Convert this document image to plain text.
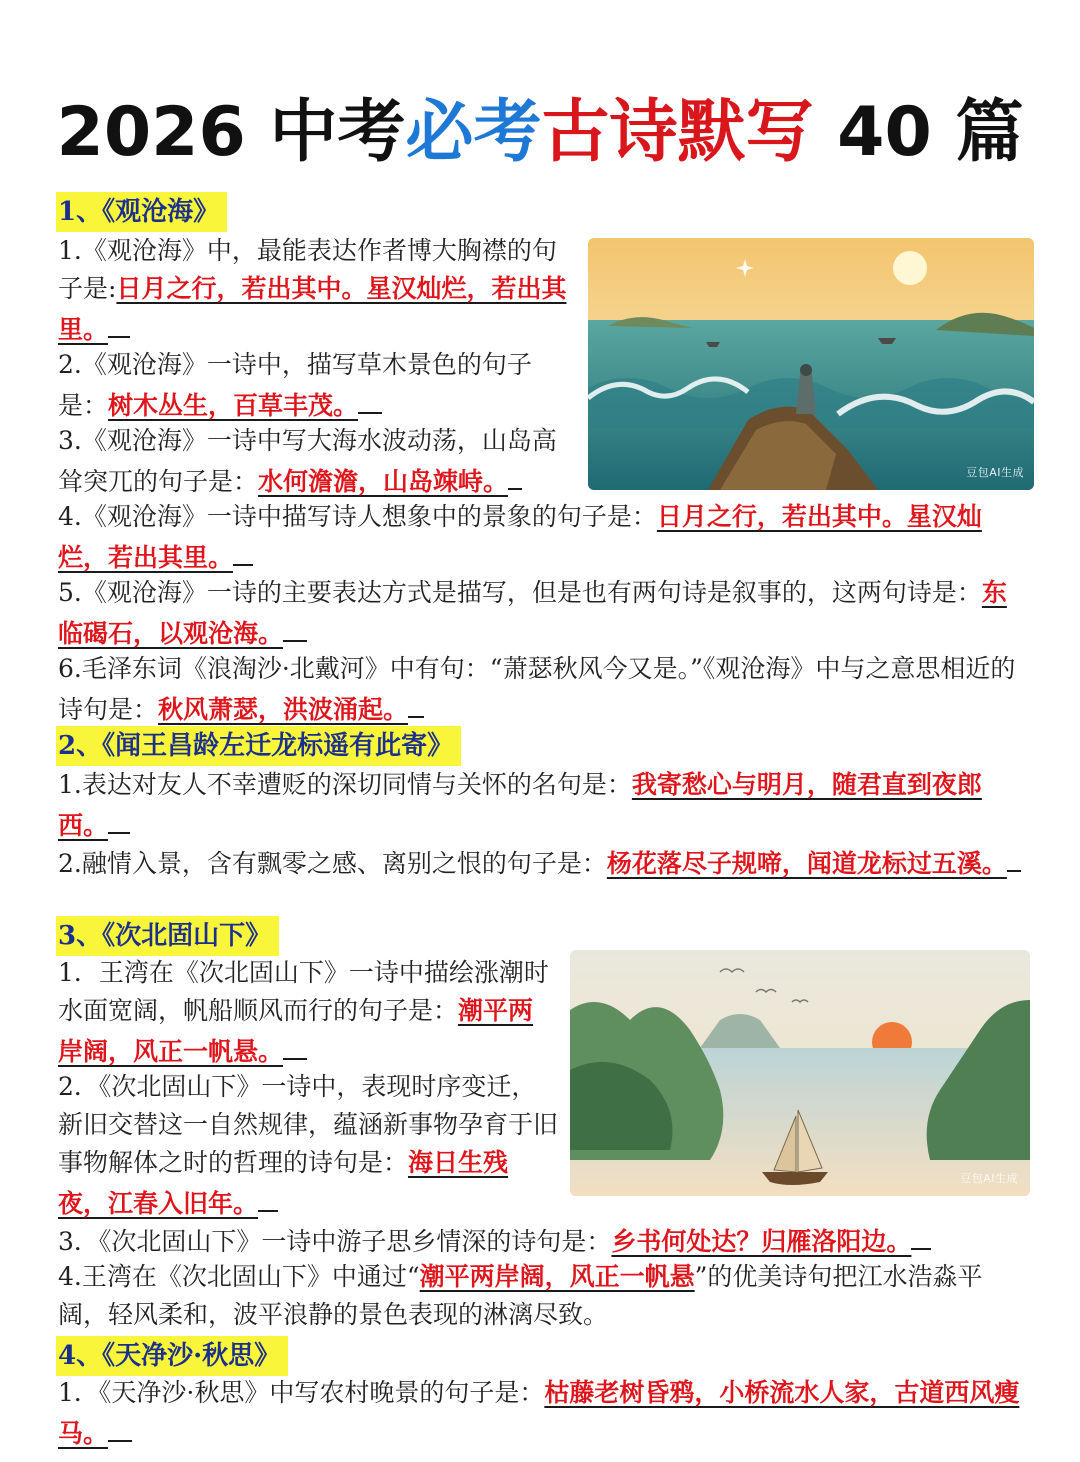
2026 中考必考古诗默写 40 篇
1、《观沧海》
1.《观沧海》中，最能表达作者博大胸襟的句子是:日月之行，若出其中。星汉灿烂，若出其里。
2.《观沧海》一诗中，描写草木景色的句子是：树木丛生，百草丰茂。
3.《观沧海》一诗中写大海水波动荡，山岛高耸突兀的句子是：水何澹澹，山岛竦峙。
4.《观沧海》一诗中描写诗人想象中的景象的句子是：日月之行，若出其中。星汉灿烂，若出其里。
5.《观沧海》一诗的主要表达方式是描写，但是也有两句诗是叙事的，这两句诗是：东临碣石，以观沧海。
6.毛泽东词《浪淘沙·北戴河》中有句：“萧瑟秋风今又是。”《观沧海》中与之意思相近的诗句是：秋风萧瑟，洪波涌起。
豆包AI生成
2、《闻王昌龄左迁龙标遥有此寄》
1.表达对友人不幸遭贬的深切同情与关怀的名句是：我寄愁心与明月，随君直到夜郎西。
2.融情入景，含有飘零之感、离别之恨的句子是：杨花落尽子规啼，闻道龙标过五溪。
3、《次北固山下》
1．王湾在《次北固山下》一诗中描绘涨潮时水面宽阔，帆船顺风而行的句子是：潮平两岸阔，风正一帆悬。
2．《次北固山下》一诗中，表现时序变迁，新旧交替这一自然规律，蕴涵新事物孕育于旧事物解体之时的哲理的诗句是：海日生残夜，江春入旧年。
3．《次北固山下》一诗中游子思乡情深的诗句是：乡书何处达？归雁洛阳边。
4.王湾在《次北固山下》中通过“潮平两岸阔，风正一帆悬”的优美诗句把江水浩淼平阔，轻风柔和，波平浪静的景色表现的淋漓尽致。
豆包AI生成
4、《天净沙·秋思》
1．《天净沙·秋思》中写农村晚景的句子是：枯藤老树昏鸦，小桥流水人家，古道西风瘦马。
